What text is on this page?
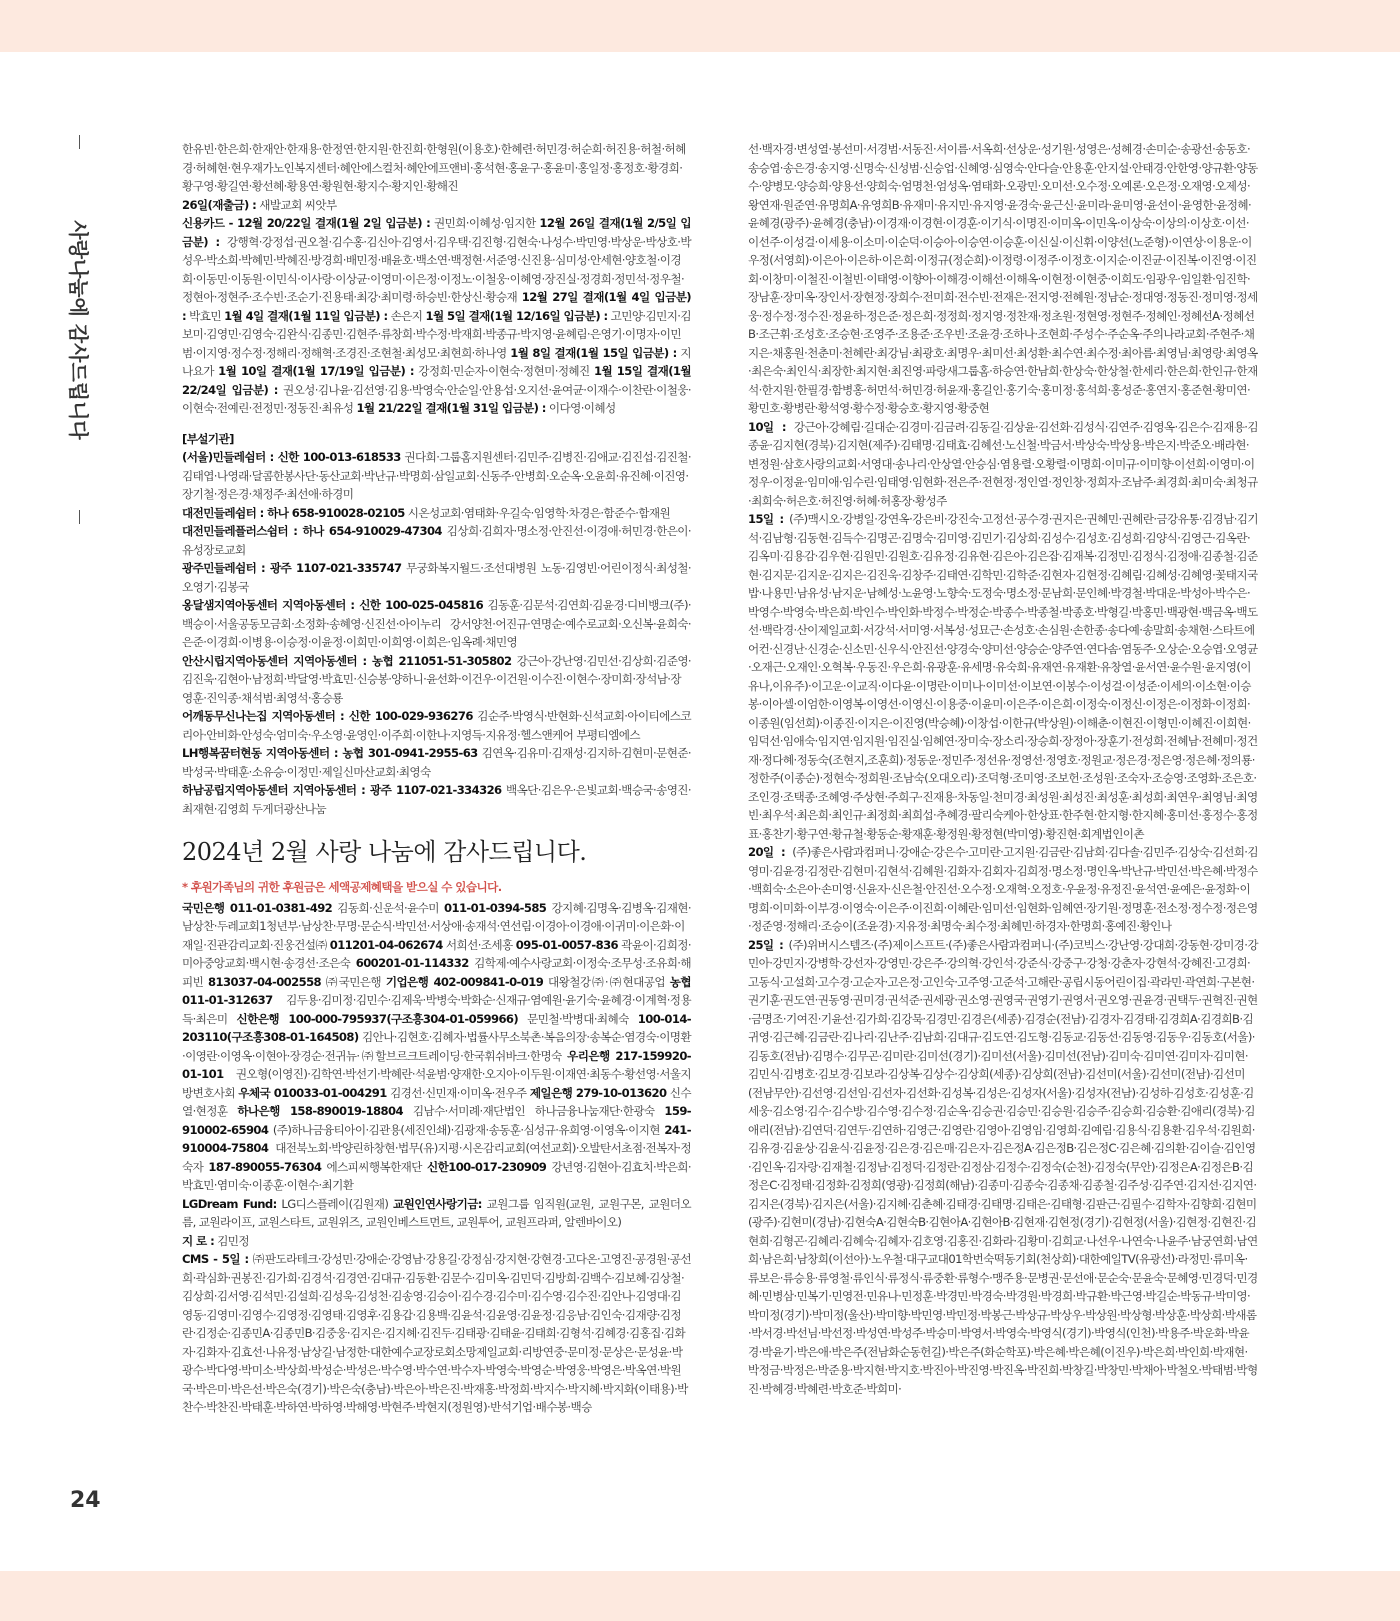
사랑나눔에 감사드립니다
24

한유빈·한은희·한재안·한재용·한정연·한지원·한진희·한형원(이용호)·한혜련·허민경·허순희·허진용·허철·허혜경·허혜현·현우재가노인복지센터·혜안에스컬처·혜안에프앤비·홍석현·홍윤구·홍윤미·홍일정·홍정호·황경희·황구영·황길연·황선혜·황용연·황원현·황지수·황지인·황해진

26일(재출금) : 새발교회 씨앗부

신용카드 - 12월 20/22일 결재(1월 2일 입금분) : 권민희·이혜성·임지한 12월 26일 결재(1월 2/5일 입금분) : 강행혁·강정섭·권오철·김수홍·김신아·김영서·김우택·김진형·김현숙·나성수·박민영·박상운·박상호·박성우·박소희·박혜민·박혜진·방경희·배민정·배윤호·백소연·백정현·서준영·신진용·심미성·안세현·양호철·이경희·이동민·이동원·이민식·이사랑·이상균·이영미·이은정·이정노·이철웅·이혜영·장진실·정경희·정민석·정우철·정현아·정현주·조수빈·조순기·진용태·최강·최미령·하승빈·한상신·황승재 12월 27일 결재(1월 4일 입금분) : 박효민 1월 4일 결재(1월 11일 입금분) : 손은지 1월 5일 결재(1월 12/16일 입금분) : 고민양·김민지·김보미·김영민·김영숙·김완식·김종민·김현주·류창희·박수정·박재희·박종규·박지영·윤혜림·은영기·이명자·이민범·이지영·정수정·정해리·정해혁·조경진·조현철·최성모·최현희·하나영 1월 8일 결재(1월 15일 입금분) : 지나요가 1월 10일 결재(1월 17/19일 입금분) : 강정희·민순자·이현숙·정현미·정혜진 1월 15일 결재(1월 22/24일 입금분) : 권오성·김나윤·김선영·김용·박영숙·안순일·안용섭·오지선·윤여균·이재수·이찬란·이철웅·이현숙·전예린·전정민·정동진·최유성 1월 21/22일 결재(1월 31일 입금분) : 이다영·이혜성

[부설기관]

(서울)민들레쉼터 : 신한 100-013-618533 권다희·그룹홈지원센터·김민주·김병진·김애교·김진섭·김진철·김태엽·나영래·달콤한봉사단·동산교회·박난규·박명희·삼일교회·신동주·안병희·오순옥·오윤희·유진혜·이진영·장기철·정은경·채정주·최선애·하경미

대전민들레쉼터 : 하나 658-910028-02105 시온성교회·염태화·우길숙·임영학·차경은·함준수·함재원

대전민들레플러스쉼터 : 하나 654-910029-47304 김상희·김희자·명소정·안진선·이경애·허민경·한은이·유성장로교회

광주민들레쉼터 : 광주 1107-021-335747 무궁화복지월드·조선대병원 노동·김영빈·어린이정식·최성철·오영기·김봉국

옹달샘지역아동센터 지역아동센터 : 신한 100-025-045816 김동훈·김문석·김연희·김윤경·디비뱅크(주)·백승이·서울공동모금회·소정화·송혜영·신진선·아이누리 강서양천·어진규·연명순·예수로교회·오신복·윤희숙·은준·이경희·이병용·이승정·이윤정·이희민·이희영·이희은·임옥례·채민영

안산시립지역아동센터 지역아동센터 : 농협 211051-51-305802 강근아·강난영·김민선·김상희·김준영·김진욱·김현아·남정희·박달영·박효민·신승봉·양하니·윤선화·이건우·이건원·이수진·이현수·장미희·장석남·장영훈·진익종·채석범·최영석·홍승룡

어깨동무신나는집 지역아동센터 : 신한 100-029-936276 김순주·박영식·반현화·신석교회·아이티에스코리아·안비화·안성숙·엄미숙·우소영·윤영인·이주희·이한나·지영득·지유정·헬스앤케어 부평티엠에스

LH행복꿈터현동 지역아동센터 : 농협 301-0941-2955-63 김연옥·김유미·김재성·김지하·김현미·문현준·박성국·박태훈·소유승·이정민·제일신마산교회·최영숙

하남공립지역아동센터 지역아동센터 : 광주 1107-021-334326 백옥단·김은우·은빛교회·백승국·송영진·최재현·김영희 두게더광산나눔

2024년 2월 사랑 나눔에 감사드립니다.

* 후원가족님의 귀한 후원금은 세액공제혜택을 받으실 수 있습니다.

국민은행 011-01-0381-492 김동희·신운석·윤수미 011-01-0394-585 강지혜·김명옥·김병옥·김재현·남상찬·두레교회1청년부·남상찬·무명·문순식·박민선·서상애·송재석·연선림·이경아·이경애·이귀미·이은화·이재일·진관감리교회·진웅건설㈜ 011201-04-062674 서희선·조세홍 095-01-0057-836 곽윤이·김희정·미아중앙교회·백시현·송경선·조은숙 600201-01-114332 김학제·예수사랑교회·이정숙·조무성·조유희·해피빈 813037-04-002558 ㈜국민은행 기업은행 402-009841-0-019 대왕철강㈜·㈜현대공업 농협 011-01-312637 김두용·김미정·김민수·김제욱·박병숙·박화순·신재규·염예원·윤기숙·윤혜경·이계혁·정용득·최은미 신한은행 100-000-795937(구조흥304-01-059966) 문민철·박병대·최혜숙 100-014-203110(구조흥308-01-164508) 김안나·김현호·김혜자·법률사무소북촌·복음의장·송복순·염경숙·이명환·이영란·이영옥·이현아·장경순·전귀뉴·㈜할브르크트레이딩·한국휘쉬바크·한명숙 우리은행 217-159920-01-101 권오형(이영진)·김학연·박선기·박혜란·석윤범·양재한·오지아·이두원·이재연·최동수·황선영·서울지방변호사회 우체국 010033-01-004291 김경선·신민재·이미옥·전우주 제일은행 279-10-013620 신수열·현정훈 하나은행 158-890019-18804 김남수·서미례·재단법인 하나금융나눔재단·한광숙 159-910002-65904 (주)하나금융티아이·김관용(세진인쇄)·김광재·송동훈·심성규·유희영·이영옥·이지현 241-910004-75804 대전북노회·박양린하창현·법무(유)지평·시온감리교회(여선교회)·오발탄서초점·전복자·정숙자 187-890055-76304 에스피씨행복한재단 신한100-017-230909 강년영·김현아·김효치·박은희·박효민·염미숙·이종훈·이현수·최기환

LGDream Fund: LG디스플레이(김원재) 교원인연사랑기금: 교원그룹 임직원(교원, 교원구몬, 교원더오름, 교원라이프, 교원스타트, 교원위즈, 교원인베스트먼트, 교원투어, 교원프라퍼, 알렌바이오)

지 로 : 김민정

CMS - 5일 : ㈜판도라테크·강성민·강애순·강영남·강용길·강정심·강지현·강현경·고다온·고영진·공경원·공선희·곽심화·권봉진·김가희·김경석·김경연·김대규·김동환·김문수·김미옥·김민덕·김방희·김백수·김보혜·김상철·김상희·김서영·김석민·김설희·김성욱·김성천·김송영·김승이·김수경·김수미·김수영·김수진·김안나·김영대·김영동·김영미·김영수·김영정·김영태·김영후·김용갑·김용백·김윤석·김윤영·김윤정·김응남·김인숙·김재량·김정란·김정순·김종민A·김종민B·김중웅·김지은·김지혜·김진두·김태광·김태윤·김태희·김형석·김혜경·김홍집·김화자·김화자·김효선·나유정·남상길·남정한·대한예수교장로회소망제일교회·리방연중·문미정·문상은·문성윤·박광수·박다영·박미소·박상희·박성순·박성은·박수영·박수연·박수자·박영숙·박영순·박영웅·박영은·박옥연·박원국·박은미·박은선·박은숙(경기)·박은숙(충남)·박은아·박은진·박재홍·박정희·박지수·박지혜·박지화(이태용)·박찬수·박찬진·박태훈·박하연·박하영·박해영·박현주·박현지(정원영)·반석기업·배수봉·백승

선·백자경·변성열·봉선미·서경범·서동진·서이름·서옥희·선상운·성기원·성영은·성혜경·손미순·송광선·송동호·송승엽·송은경·송지영·신명숙·신성범·신승업·신혜영·심영숙·안다슬·안용훈·안지설·안태경·안한영·양규환·양동수·양병모·양승희·양용선·양희숙·엄명천·엄성옥·염태화·오광민·오미선·오수정·오예론·오은정·오재영·오제성·왕연재·원준연·유명희A·유영희B·유재미·유지민·유지영·윤경숙·윤근신·윤미라·윤미영·윤선이·윤영한·윤정혜·윤혜경(광주)·윤혜경(충남)·이경재·이경현·이경훈·이기식·이명진·이미옥·이민옥·이상숙·이상의·이상호·이선·이선주·이성걸·이세용·이소미·이순덕·이승아·이승연·이승훈·이신실·이신휘·이양선(노준형)·이연상·이용운·이우정(서영희)·이은아·이은하·이은희·이정규(정순희)·이정령·이정주·이정호·이지순·이진균·이진복·이진영·이진회·이창미·이철진·이철빈·이태영·이향아·이해경·이해선·이해옥·이현정·이현중·이희도·임광우·임일환·임진학·장남훈·장미옥·장인서·장현정·장희수·전미희·전수빈·전재은·전지영·전혜원·정남순·정대영·정동진·정미영·정세웅·정수정·정수진·정윤하·정은준·정은희·정정희·정지영·정찬재·정초원·정현영·정현주·정혜인·정혜선A·정혜선B·조근휘·조성호·조승현·조영주·조용준·조우빈·조윤경·조하나·조현희·주성수·주순옥·주의나라교회·주현주·채지은·채홍원·천춘미·천혜란·최강님·최광호·최명우·최미선·최성환·최수연·최수정·최아름·최영님·최영랑·최영옥·최은숙·최인식·최장한·최지현·최진영·파랑새그룹홈·하승연·한남희·한상숙·한상철·한세리·한은희·한인규·한재석·한지원·한필경·함병홍·허먼석·허민경·허윤재·홍길인·홍기숙·홍미정·홍석희·홍성준·홍연지·홍준현·황미연·황민호·황병란·황석영·황수정·황승호·황지영·황중현

10일 : 강근아·강혜림·길대순·김경미·김금려·김동길·김상윤·김선화·김성식·김연주·김영옥·김은수·김재용·김종윤·김지현(경북)·김지현(제주)·김태명·김태효·김혜선·노신철·박금서·박상숙·박상용·박은지·박준오·배라현·변정원·삼호사랑의교회·서영대·송나리·안상열·안승심·염용렬·오황렬·이명희·이미규·이미향·이선희·이영미·이정우·이정윤·임미애·임수린·임태영·임현화·전은주·전현정·정인열·정인창·정희자·조남주·최경희·최미숙·최청규·최희숙·허은호·허진영·허혜·허홍장·황성주

15일 : (주)맥시오·강병일·강연옥·강은비·강진숙·고정선·공수경·권지은·권혜민·권혜란·금강유통·김경남·김기석·김남형·김동현·김득수·김명곤·김명숙·김미영·김민기·김상희·김성수·김성호·김성희·김양식·김영근·김옥란·김옥미·김용감·김우현·김원민·김원호·김유정·김유현·김은아·김은잡·김재복·김정민·김정식·김정애·김종철·김준현·김지문·김지운·김지은·김진욱·김창주·김태연·김학민·김학준·김현자·김현정·김혜림·김혜성·김혜영·꽃태지국밥·나용민·남유성·남지운·남혜성·노윤영·노향숙·도정숙·명소정·문남희·문인혜·박경철·박대운·박성아·박수은·박영수·박영숙·박은희·박인수·박인화·박정수·박정순·박종수·박종철·박종호·박형길·박홍민·백광현·백금옥·백도선·백락경·산이제일교회·서강석·서미영·서복성·성묘근·손성호·손심원·손한종·송다예·송말희·송채현·스타트에어컨·신경난·신경순·신소민·신우식·안진선·양경숙·양미선·양승순·양주연·연다솜·염동주·오상순·오승엽·오영균·오재근·오재인·오혁복·우동진·우은희·유광훈·유세명·유숙희·유재연·유재환·유창열·윤서연·윤수원·윤지영(이유나,이유주)·이고운·이교직·이다윤·이명란·이미나·이미선·이보연·이봉수·이성걸·이성준·이세의·이소현·이승봉·이아셀·이엄한·이영복·이영선·이영신·이용중·이윤미·이은주·이은희·이정숙·이정신·이정은·이정화·이정희·이종원(임선희)·이종진·이지은·이진영(박승혜)·이창섭·이한규(박상원)·이해춘·이현진·이형민·이혜진·이희현·임덕선·임애숙·임지연·임지원·임진실·임혜연·장미숙·장소리·장승희·장정아·장훈기·전성희·전혜남·전혜미·정건재·정다혜·정동숙(조현지,조훈희)·정동운·정민주·정선유·정영선·정영호·정원교·정은경·정은영·정은혜·정의룡·정한주(이종순)·정현숙·정희원·조남숙(오대오리)·조덕형·조미영·조보헌·조성원·조숙자·조승영·조영화·조은호·조인경·조택종·조혜영·주상현·주희구·진재용·차동일·천미경·최성원·최성진·최성훈·최성희·최연우·최영님·최영빈·최우석·최은희·최인규·최정희·최희섭·추혜경·팔리숙케아·한상표·한주현·한지형·한지혜·홍미선·홍정수·홍정표·홍찬기·황구연·황규철·황동순·황재훈·황정원·황정현(박미영)·황진현·회계법인이촌

20일 : (주)좋은사람과컴퍼니·강애순·강은수·고미란·고지원·김금란·김남희·김다솔·김민주·김상숙·김선희·김영미·김윤경·김정란·김현미·김현석·김혜원·김화자·김회자·김희정·명소정·명인옥·박난규·박민선·박은혜·박정수·백희숙·소은아·손미영·신윤자·신은철·안진선·오수정·오재혁·오정호·우윤정·유정진·윤석연·윤예은·윤정화·이명희·이미화·이부경·이영숙·이은주·이진희·이혜란·임미선·임현화·임혜연·장기원·정명훈·전소정·정수정·정은영·정준영·정해리·조승이(조윤경)·지유정·최명숙·최수정·최혜민·하경자·한명희·홍예진·황인나

25일 : (주)위버시스템즈·(주)제이스프트·(주)좋은사람과컴퍼니·(주)코빅스·강난영·강대희·강동현·강미경·강민아·강민지·강병학·강선자·강영민·강은주·강의혁·강인석·강준식·강중구·강청·강춘자·강현석·강혜진·고경희·고동식·고설희·고수경·고순자·고은정·고인숙·고주영·고준석·고해란·공립시동어린이집·곽라민·곽연희·구본현·권기훈·권도연·권동영·권미경·권석준·권세광·권소영·권영국·권영기·권영서·권오영·권윤경·권택두·권혁진·권현·금명조·기여진·기윤선·김가희·김강묵·김경민·김경은(세종)·김경순(전남)·김경자·김경태·김경희A·김경희B·김귀영·김근혜·김금란·김나리·김난주·김남희·김대규·김도연·김도형·김동교·김동선·김동영·김동우·김동호(서울)·김동호(전남)·김명수·김무곤·김미란·김미선(경기)·김미선(서울)·김미선(전남)·김미숙·김미연·김미자·김미현·김민식·김병호·김보경·김보라·김상복·김상수·김상희(세종)·김상희(전남)·김선미(서울)·김선미(전남)·김선미(전남무안)·김선영·김선임·김선자·김선화·김성복·김성은·김성자(서울)·김성자(전남)·김성하·김성호·김성훈·김세웅·김소영·김수·김수방·김수영·김수정·김순옥·김승권·김승민·김승원·김승주·김승희·김승환·김애리(경북)·김애리(전남)·김연덕·김연두·김연하·김영근·김영란·김영아·김영임·김영희·김예림·김용식·김용환·김우석·김원희·김유경·김윤상·김윤식·김윤정·김은경·김은매·김은자·김은정A·김은정B·김은정C·김은혜·김의환·김이슬·김인영·김인옥·김자랑·김재철·김정남·김정덕·김정란·김정삼·김정수·김정숙(순천)·김정숙(무안)·김정은A·김정은B·김정은C·김정태·김정화·김정희(영광)·김정희(해남)·김종미·김종숙·김종채·김종철·김주성·김주연·김지선·김지연·김지은(경북)·김지은(서울)·김지혜·김춘혜·김태경·김태명·김태은·김태형·김판근·김필수·김학자·김향희·김현미(광주)·김현미(경남)·김현숙A·김현숙B·김현아A·김현아B·김현재·김현정(경기)·김현정(서울)·김현정·김현진·김현희·김형곤·김혜리·김혜숙·김혜자·김호영·김홍진·김화라·김황미·김희교·나선우·나연숙·나윤주·남궁연희·남연희·남은희·남창희(이선아)·노우철·대구교대01학번숙떡동기회(천상희)·대한예일TV(유광선)·라정민·류미옥·류보은·류승용·류영철·류인식·류정식·류중환·류형수·맹주용·문병권·문선애·문순숙·문윤숙·문혜영·민경덕·민경혜·민병삼·민복기·민영전·민유나·민정훈·박경민·박경숙·박경원·박경희·박규환·박근영·박길순·박동규·박미영·박미정(경기)·박미정(울산)·박미향·박민영·박민정·박봉근·박상규·박상우·박상원·박상형·박상훈·박상희·박새롬·박서경·박선님·박선정·박성연·박성주·박승미·박영서·박영숙·박영식(경기)·박영식(인천)·박용주·박운화·박윤경·박윤기·박은애·박은주(전남화순동헌길)·박은주(화순학포)·박은혜·박은혜(이진우)·박은희·박인희·박재현·박정금·박정은·박준용·박지현·박지호·박진아·박진영·박진옥·박진희·박창길·박창민·박채아·박철오·박태범·박형진·박혜경·박혜련·박호준·박희미·
